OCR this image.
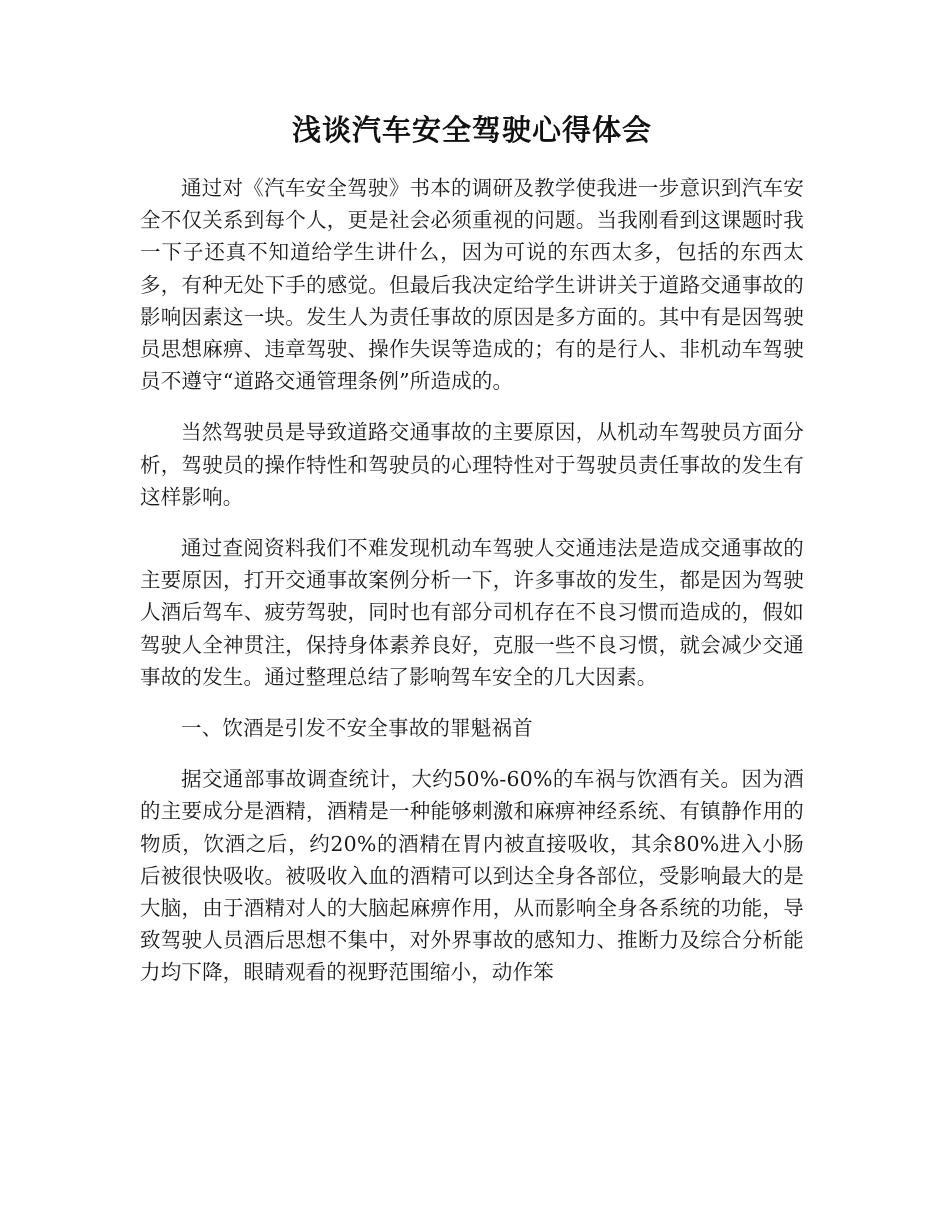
浅谈汽车安全驾驶心得体会

通过对《汽车安全驾驶》书本的调研及教学使我进一步意识到汽车安全不仅关系到每个人，更是社会必须重视的问题。当我刚看到这课题时我一下子还真不知道给学生讲什么，因为可说的东西太多，包括的东西太多，有种无处下手的感觉。但最后我决定给学生讲讲关于道路交通事故的影响因素这一块。发生人为责任事故的原因是多方面的。其中有是因驾驶员思想麻痹、违章驾驶、操作失误等造成的；有的是行人、非机动车驾驶员不遵守“道路交通管理条例”所造成的。

当然驾驶员是导致道路交通事故的主要原因，从机动车驾驶员方面分析，驾驶员的操作特性和驾驶员的心理特性对于驾驶员责任事故的发生有这样影响。

通过查阅资料我们不难发现机动车驾驶人交通违法是造成交通事故的主要原因，打开交通事故案例分析一下，许多事故的发生，都是因为驾驶人酒后驾车、疲劳驾驶，同时也有部分司机存在不良习惯而造成的，假如驾驶人全神贯注，保持身体素养良好，克服一些不良习惯，就会减少交通事故的发生。通过整理总结了影响驾车安全的几大因素。

一、饮酒是引发不安全事故的罪魁祸首

据交通部事故调查统计，大约50%-60%的车祸与饮酒有关。因为酒的主要成分是酒精，酒精是一种能够刺激和麻痹神经系统、有镇静作用的物质，饮酒之后，约20%的酒精在胃内被直接吸收，其余80%进入小肠后被很快吸收。被吸收入血的酒精可以到达全身各部位，受影响最大的是大脑，由于酒精对人的大脑起麻痹作用，从而影响全身各系统的功能，导致驾驶人员酒后思想不集中，对外界事故的感知力、推断力及综合分析能力均下降，眼睛观看的视野范围缩小，动作笨
